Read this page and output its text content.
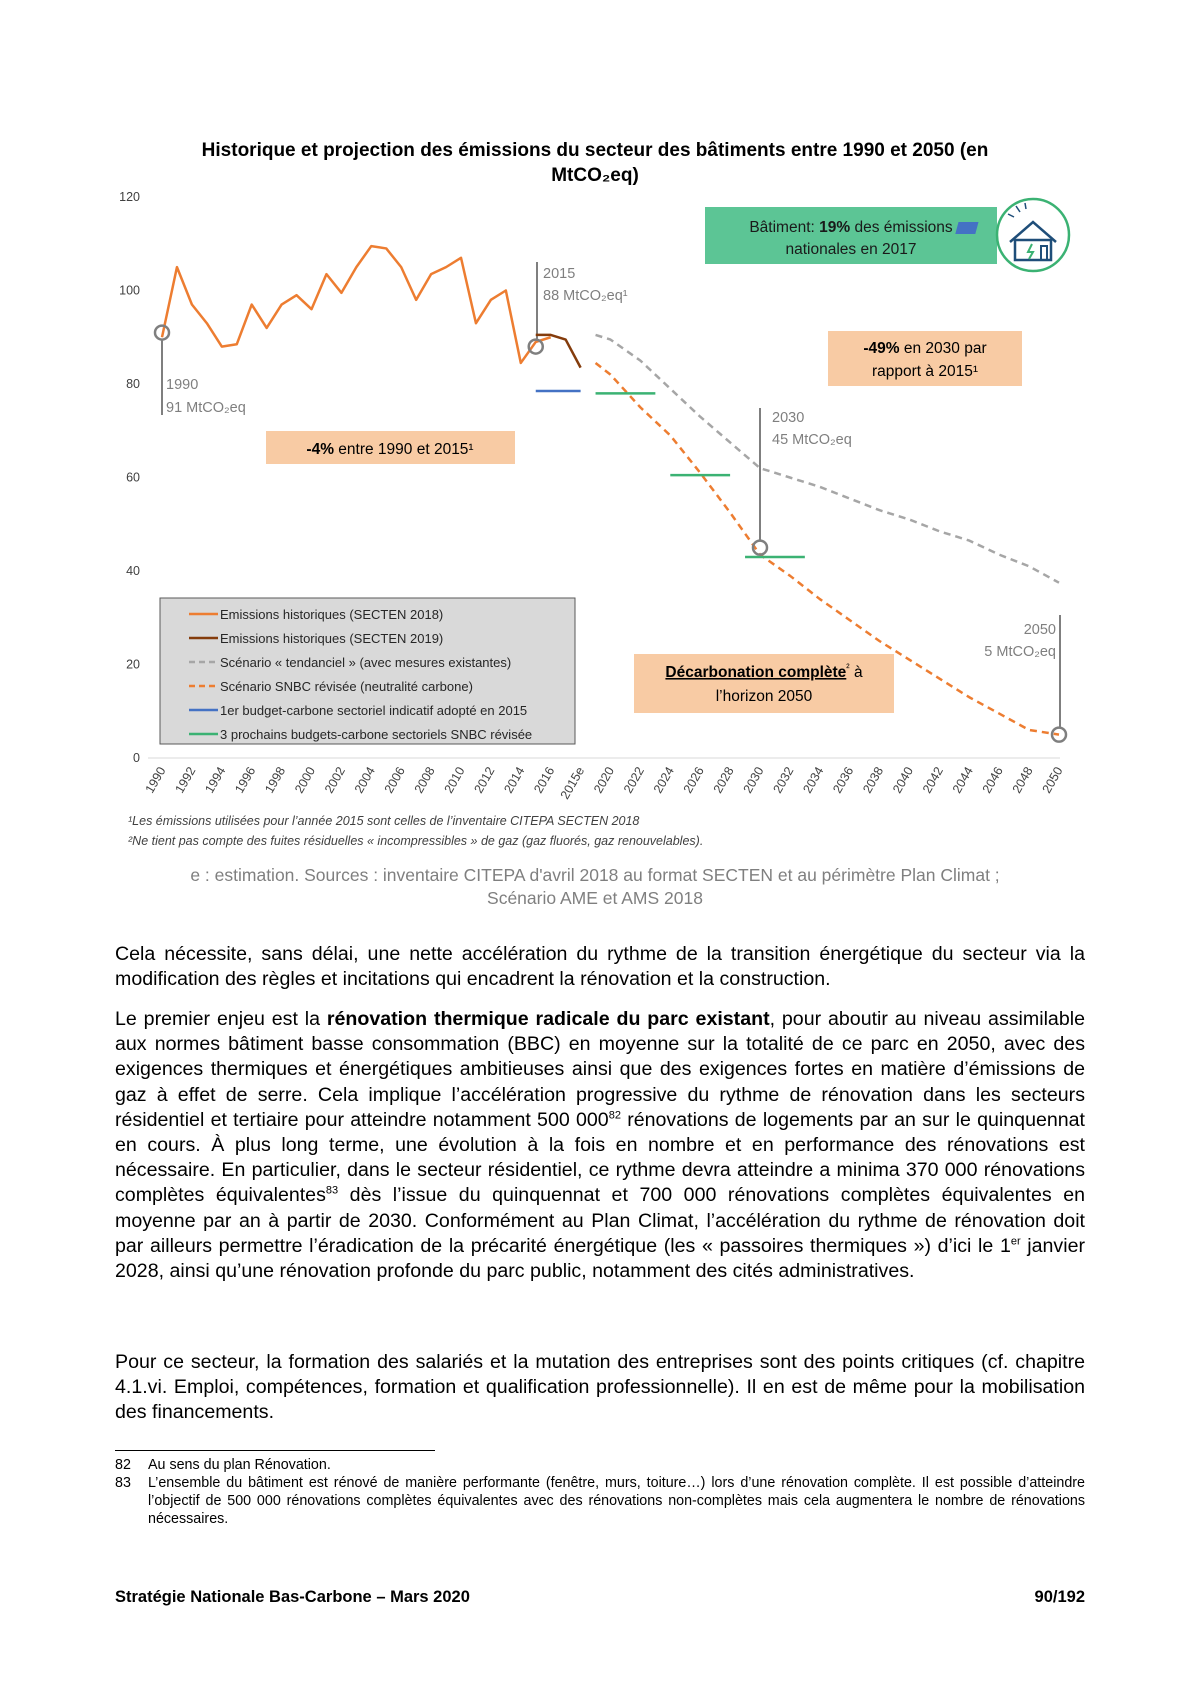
Historique et projection des émissions du secteur des bâtiments entre 1990 et 2050 (en
MtCO₂eq)
0
20
40
60
80
100
120
1990 1992 1994 1996 1998 2000 2002 2004 2006 2008 2010 2012 2014 2016 2015e 2020 2022 2024 2026 2028 2030 2032 2034 2036 2038 2040 2042 2044 2046 2048 2050
Bâtiment: 19% des émissions
nationales en 2017
-49% en 2030 par
rapport à 2015¹
-4% entre 1990 et 2015¹
Décarbonation complète$^{^2}$ à
l’horizon 2050
1990
91 MtCO₂eq
2015
88 MtCO₂eq¹
2030
45 MtCO₂eq
2050
5 MtCO₂eq
Emissions historiques (SECTEN 2018)
Emissions historiques (SECTEN 2019)
Scénario « tendanciel » (avec mesures existantes)
Scénario SNBC révisée (neutralité carbone)
1er budget-carbone sectoriel indicatif adopté en 2015
3 prochains budgets-carbone sectoriels SNBC révisée
¹Les émissions utilisées pour l’année 2015 sont celles de l’inventaire CITEPA SECTEN 2018
²Ne tient pas compte des fuites résiduelles « incompressibles » de gaz (gaz fluorés, gaz renouvelables).
e : estimation. Sources : inventaire CITEPA d'avril 2018 au format SECTEN et au périmètre Plan Climat ;
Scénario AME et AMS 2018
Cela nécessite, sans délai, une nette accélération du rythme de la transition énergétique du secteur via la modification des règles et incitations qui encadrent la rénovation et la construction.
Le premier enjeu est la rénovation thermique radicale du parc existant, pour aboutir au niveau assimilable aux normes bâtiment basse consommation (BBC) en moyenne sur la totalité de ce parc en 2050, avec des exigences thermiques et énergétiques ambitieuses ainsi que des exigences fortes en matière d’émissions de gaz à effet de serre. Cela implique l’accélération progressive du rythme de rénovation dans les secteurs résidentiel et tertiaire pour atteindre notamment 500 $000^{82}$ rénovations de logements par an sur le quinquennat en cours. À plus long terme, une évolution à la fois en nombre et en performance des rénovations est nécessaire. En particulier, dans le secteur résidentiel, ce rythme devra atteindre a minima 370 000 rénovations complètes équivalentes$^{83}$ dès l’issue du quinquennat et 700 000 rénovations complètes équivalentes en moyenne par an à partir de 2030. Conformément au Plan Climat, l’accélération du rythme de rénovation doit par ailleurs permettre l’éradication de la précarité énergétique (les « passoires thermiques ») d’ici le 1er janvier 2028, ainsi qu’une rénovation profonde du parc public, notamment des cités administratives.
Pour ce secteur, la formation des salariés et la mutation des entreprises sont des points critiques (cf. chapitre 4.1.vi. Emploi, compétences, formation et qualification professionnelle). Il en est de même pour la mobilisation des financements.
82 Au sens du plan Rénovation.
83 L’ensemble du bâtiment est rénové de manière performante (fenêtre, murs, toiture…) lors d’une rénovation complète. Il est possible d’atteindre l’objectif de 500 000 rénovations complètes équivalentes avec des rénovations non-complètes mais cela augmentera le nombre de rénovations nécessaires.
Stratégie Nationale Bas-Carbone – Mars 2020	90/192
